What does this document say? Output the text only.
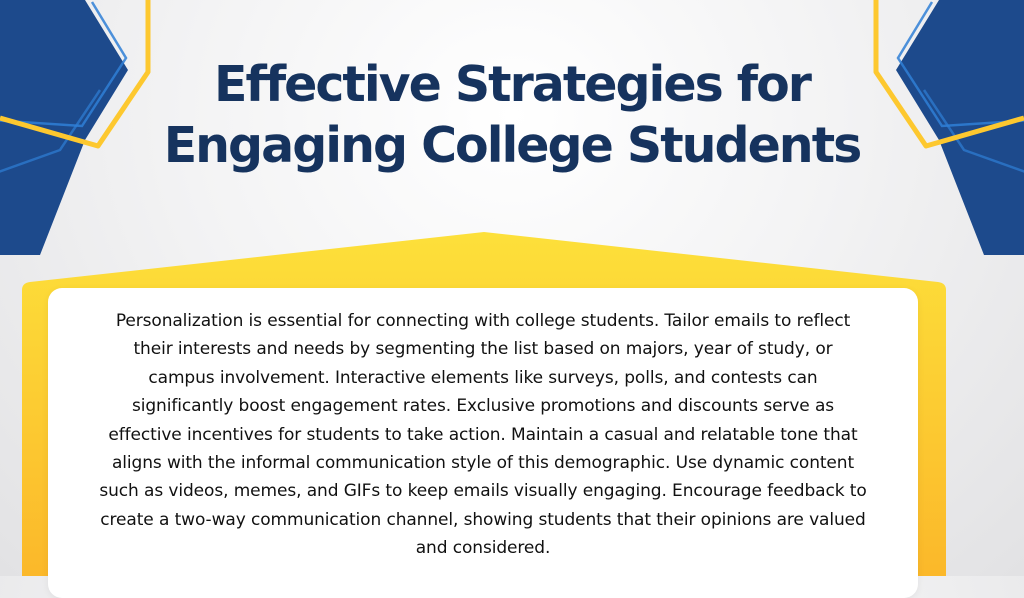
Effective Strategies for
Engaging College Students

Personalization is essential for connecting with college students. Tailor emails to reflect their interests and needs by segmenting the list based on majors, year of study, or campus involvement. Interactive elements like surveys, polls, and contests can significantly boost engagement rates. Exclusive promotions and discounts serve as effective incentives for students to take action. Maintain a casual and relatable tone that aligns with the informal communication style of this demographic. Use dynamic content such as videos, memes, and GIFs to keep emails visually engaging. Encourage feedback to create a two-way communication channel, showing students that their opinions are valued and considered.
